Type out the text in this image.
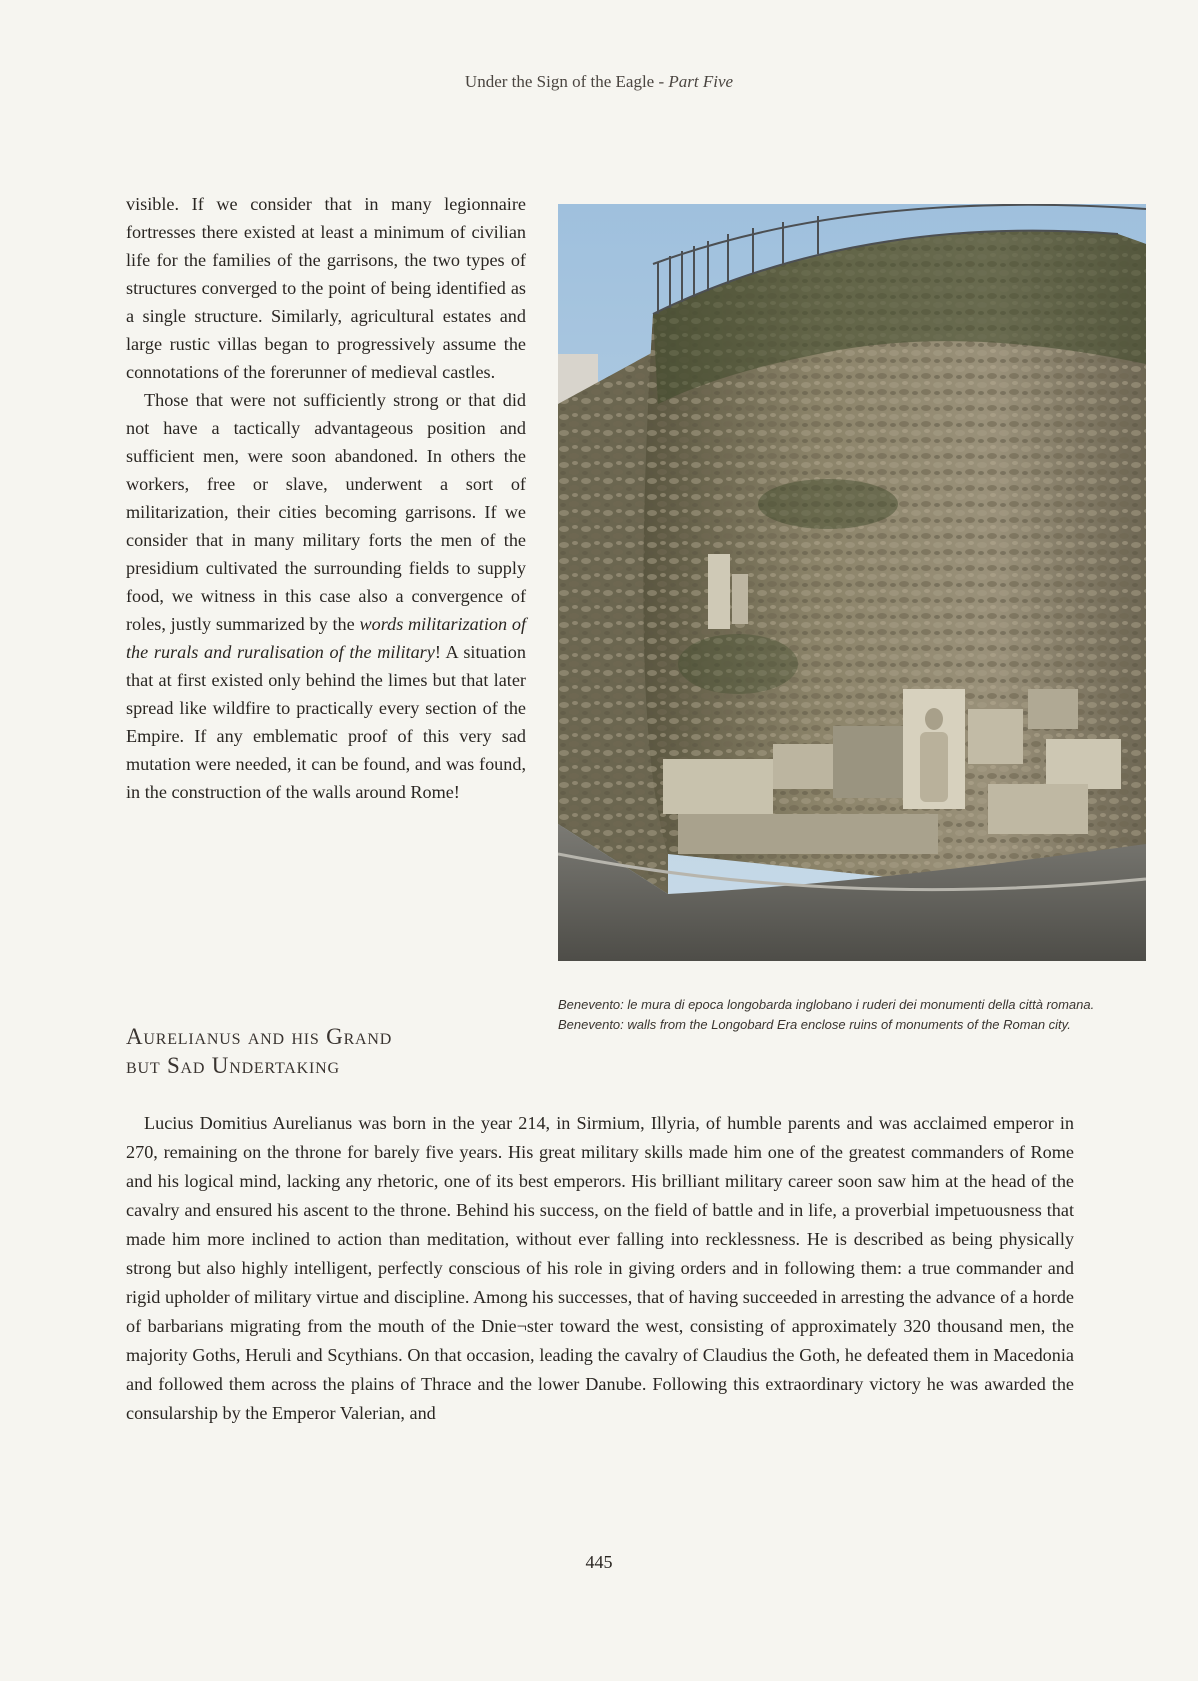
Under the Sign of the Eagle - Part Five

visible. If we consider that in many legionnaire fortresses there existed at least a minimum of civilian life for the families of the garrisons, the two types of structures converged to the point of being identified as a single structure. Similarly, agricultural estates and large rustic villas began to progressively assume the connotations of the forerunner of medieval castles.

Those that were not sufficiently strong or that did not have a tactically advantageous position and sufficient men, were soon abandoned. In others the workers, free or slave, underwent a sort of militarization, their cities becoming garrisons. If we consider that in many military forts the men of the presidium cultivated the surrounding fields to supply food, we witness in this case also a convergence of roles, justly summarized by the words militarization of the rurals and ruralisation of the military! A situation that at first existed only behind the limes but that later spread like wildfire to practically every section of the Empire. If any emblematic proof of this very sad mutation were needed, it can be found, and was found, in the construction of the walls around Rome!

Benevento: le mura di epoca longobarda inglobano i ruderi dei monumenti della città romana.

Benevento: walls from the Longobard Era enclose ruins of monuments of the Roman city.

Aurelianus and his Grand
but Sad Undertaking

Lucius Domitius Aurelianus was born in the year 214, in Sirmium, Illyria, of humble parents and was acclaimed emperor in 270, remaining on the throne for barely five years. His great military skills made him one of the greatest commanders of Rome and his logical mind, lacking any rhetoric, one of its best emperors. His brilliant military career soon saw him at the head of the cavalry and ensured his ascent to the throne. Behind his success, on the field of battle and in life, a proverbial impetuousness that made him more inclined to action than meditation, without ever falling into recklessness. He is described as being physically strong but also highly intelligent, perfectly conscious of his role in giving orders and in following them: a true commander and rigid upholder of military virtue and discipline. Among his successes, that of having succeeded in arresting the advance of a horde of barbarians migrating from the mouth of the Dnie¬ster toward the west, consisting of approximately 320 thousand men, the majority Goths, Heruli and Scythians. On that occasion, leading the cavalry of Claudius the Goth, he defeated them in Macedonia and followed them across the plains of Thrace and the lower Danube. Following this extraordinary victory he was awarded the consularship by the Emperor Valerian, and

445
